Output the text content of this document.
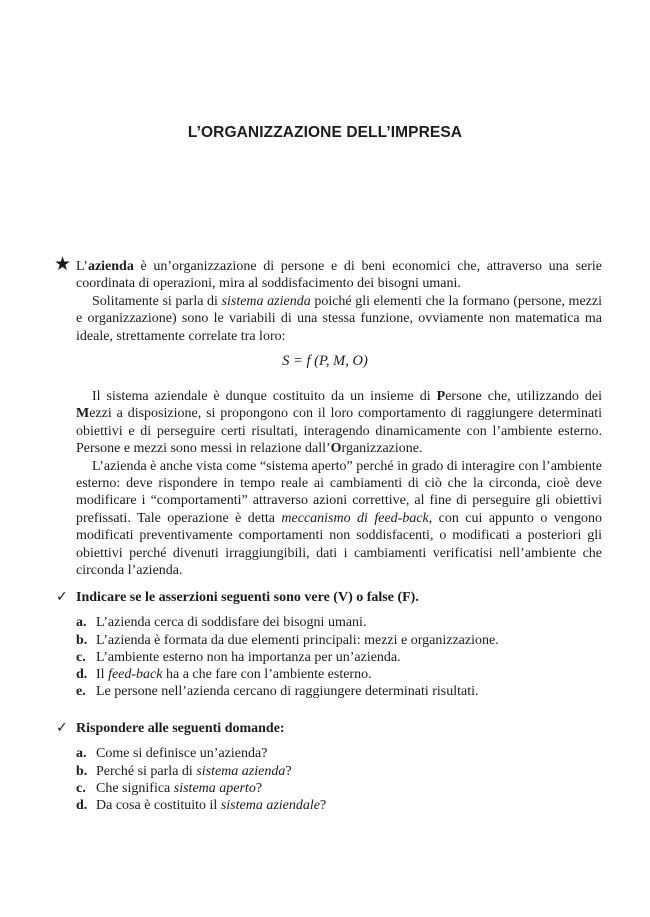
L’ORGANIZZAZIONE DELL’IMPRESA
★ L’azienda è un’organizzazione di persone e di beni economici che, attraverso una serie coordinata di operazioni, mira al soddisfacimento dei bisogni umani.

Solitamente si parla di sistema azienda poiché gli elementi che la formano (persone, mezzi e organizzazione) sono le variabili di una stessa funzione, ovviamente non matematica ma ideale, strettamente correlate tra loro:

S = f (P, M, O)

Il sistema aziendale è dunque costituito da un insieme di Persone che, utilizzando dei Mezzi a disposizione, si propongono con il loro comportamento di raggiungere determinati obiettivi e di perseguire certi risultati, interagendo dinamicamente con l’ambiente esterno. Persone e mezzi sono messi in relazione dall’Organizzazione.

L’azienda è anche vista come “sistema aperto” perché in grado di interagire con l’ambiente esterno: deve rispondere in tempo reale ai cambiamenti di ciò che la circonda, cioè deve modificare i “comportamenti” attraverso azioni correttive, al fine di perseguire gli obiettivi prefissati. Tale operazione è detta meccanismo di feed-back, con cui appunto o vengono modificati preventivamente comportamenti non soddisfacenti, o modificati a posteriori gli obiettivi perché divenuti irraggiungibili, dati i cambiamenti verificatisi nell’ambiente che circonda l’azienda.

✓ Indicare se le asserzioni seguenti sono vere (V) o false (F).
a. L’azienda cerca di soddisfare dei bisogni umani.
b. L’azienda è formata da due elementi principali: mezzi e organizzazione.
c. L’ambiente esterno non ha importanza per un’azienda.
d. Il feed-back ha a che fare con l’ambiente esterno.
e. Le persone nell’azienda cercano di raggiungere determinati risultati.
✓ Rispondere alle seguenti domande:
a. Come si definisce un’azienda?
b. Perché si parla di sistema azienda?
c. Che significa sistema aperto?
d. Da cosa è costituito il sistema aziendale?
